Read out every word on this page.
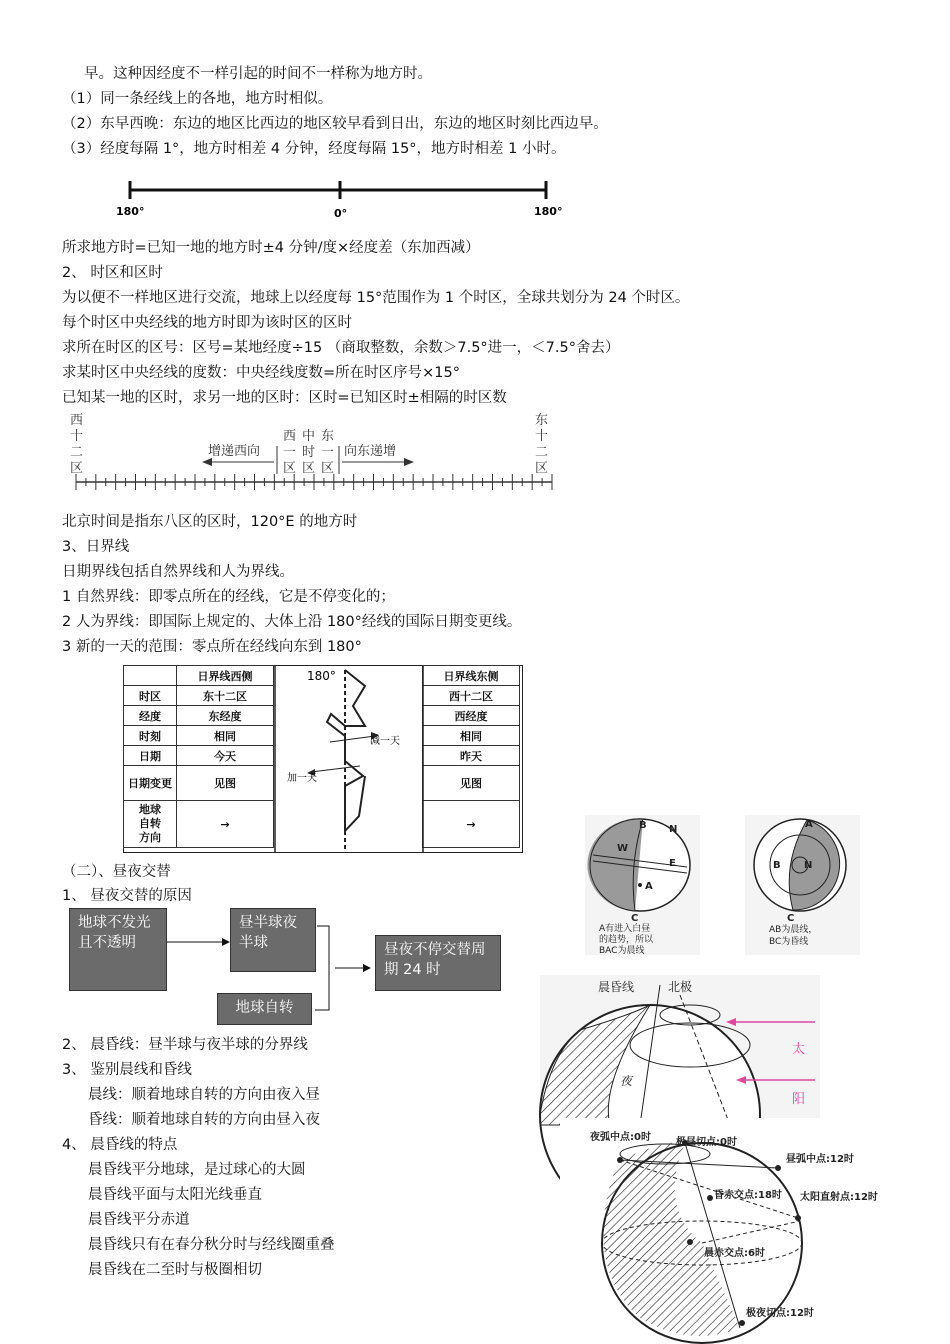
早。这种因经度不一样引起的时间不一样称为地方时。
（1）同一条经线上的各地，地方时相似。
（2）东早西晚：东边的地区比西边的地区较早看到日出，东边的地区时刻比西边早。
（3）经度每隔 1°，地方时相差 4 分钟，经度每隔 15°，地方时相差 1 小时。
180°	0°	180°
所求地方时=已知一地的地方时±4 分钟/度×经度差（东加西减）
2、 时区和区时
为以便不一样地区进行交流，地球上以经度每 15°范围作为 1 个时区，全球共划分为 24 个时区。
每个时区中央经线的地方时即为该时区的区时
求所在时区的区号：区号=某地经度÷15 （商取整数，余数＞7.5°进一，＜7.5°舍去）
求某时区中央经线的度数：中央经线度数=所在时区序号×15°
已知某一地的区时，求另一地的区时：区时=已知区时±相隔的时区数
西
十
二
区
东
十
二
区
西
一
区
中
时
区
东
一
区
增递西向	向东递增
北京时间是指东八区的区时，120°E 的地方时
3、日界线
日期界线包括自然界线和人为界线。
1 自然界线：即零点所在的经线，它是不停变化的；
2 人为界线：即国际上规定的、大体上沿 180°经线的国际日期变更线。
3 新的一天的范围：零点所在经线向东到 180°
	日界线西侧		日界线东侧
时区	东十二区		西十二区
经度	东经度		西经度
时刻	相同		相同
日期	今天		昨天
日期变更	见图		见图
地球自转方向	→		→
180°
减一天
加一天
（二）、昼夜交替
1、 昼夜交替的原因
地球不发光且不透明
昼半球夜半球
地球自转
昼夜不停交替周期 24 时
2、 晨昏线：昼半球与夜半球的分界线
3、 鉴别晨线和昏线
晨线：顺着地球自转的方向由夜入昼
昏线：顺着地球自转的方向由昼入夜
4、 晨昏线的特点
晨昏线平分地球，是过球心的大圆
晨昏线平面与太阳光线垂直
晨昏线平分赤道
晨昏线只有在春分秋分时与经线圈重叠
晨昏线在二至时与极圈相切
B N
W
E
A
C
A有进入白昼
的趋势，所以
BAC为晨线
A
B N
C
AB为晨线，
BC为昏线
晨昏线	北极
夜
太
阳
夜弧中点:0时	极昼切点:0时
昼弧中点:12时
昏赤交点:18时 太阳直射点:12时
晨赤交点:6时
极夜切点:12时
